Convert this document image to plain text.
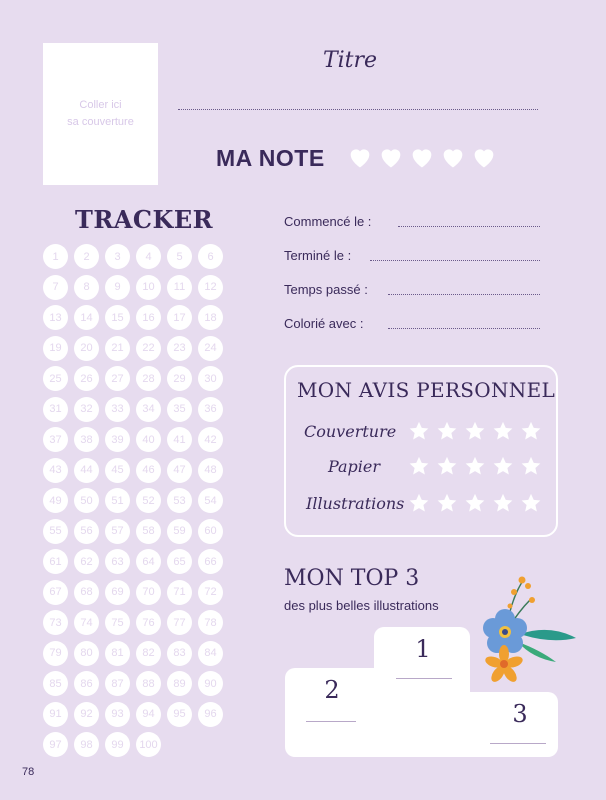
Coller ici
sa couverture
Titre
MA NOTE
TRACKER
1	2	3	4	5	6
7	8	9	10	11	12
13	14	15	16	17	18
19	20	21	22	23	24
25	26	27	28	29	30
31	32	33	34	35	36
37	38	39	40	41	42
43	44	45	46	47	48
49	50	51	52	53	54
55	56	57	58	59	60
61	62	63	64	65	66
67	68	69	70	71	72
73	74	75	76	77	78
79	80	81	82	83	84
85	86	87	88	89	90
91	92	93	94	95	96
97	98	99	100
Commencé le :
Terminé le :
Temps passé :
Colorié avec :
MON AVIS PERSONNEL
Couverture
Papier
Illustrations
MON TOP 3
des plus belles illustrations
1
2
3
78
